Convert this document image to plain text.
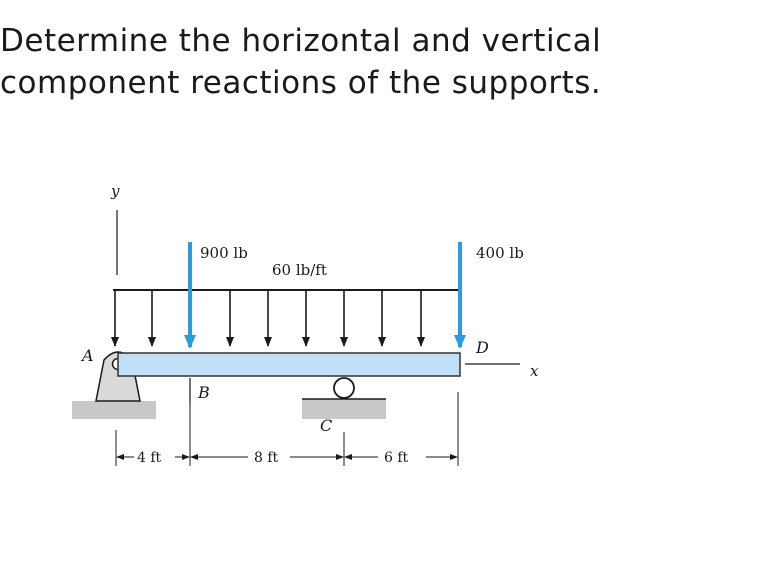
Determine the horizontal and vertical
component reactions of the supports.
y
60 lb/ft
900 lb	400 lb
A
x
D
B
C
4 ft	8 ft	6 ft
